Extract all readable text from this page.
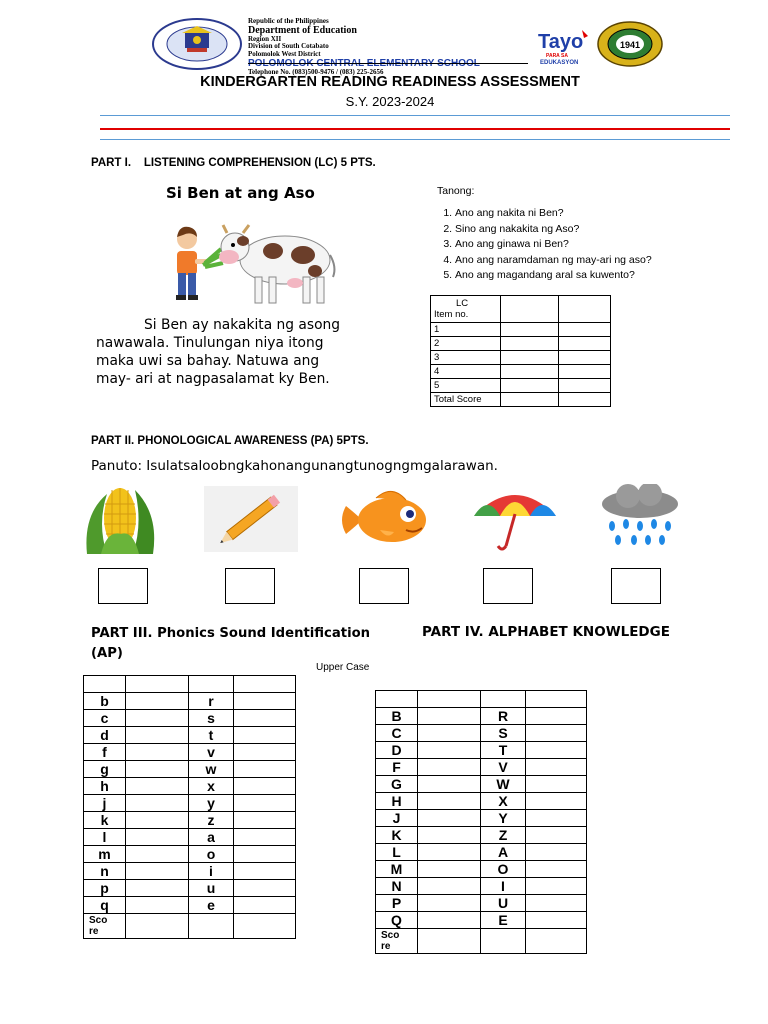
Republic of the Philippines
Department of Education
Region XII
Division of South Cotabato
Polomolok West District
POLOMOLOK CENTRAL ELEMENTARY SCHOOL
Telephone No. (083)500-9476 / (083) 225-2656
Tayo
PARA SA
EDUKASYON
1941
KINDERGARTEN READING READINESS ASSESSMENT
S.Y. 2023-2024
PART I.    LISTENING COMPREHENSION (LC) 5 PTS.
Si Ben at ang Aso
Si Ben ay nakakita ng asong
nawawala. Tinulungan niya itong
maka uwi sa bahay. Natuwa ang
may- ari at nagpasalamat ky Ben.
Tanong:
1. Ano ang nakita ni Ben?
2. Sino ang nakakita ng Aso?
3. Ano ang ginawa ni Ben?
4. Ano ang naramdaman ng may-ari ng aso?
5. Ano ang magandang aral sa kuwento?
LC
Item no.		

1		
2		
3		
4		
5		
Total Score		
PART II. PHONOLOGICAL AWARENESS (PA) 5PTS.
Panuto: Isulatsaloobngkahonangunangtunogngmgalarawan.
PART III. Phonics Sound Identification
(AP)
PART IV. ALPHABET KNOWLEDGE
Upper Case

b		r	
c		s	
d		t	
f		v	
g		w	
h		x	
j		y	
k		z	
l		a	
m		o	
n		i	
p		u	
q		e	

Sco
re			

B		R	
C		S	
D		T	
F		V	
G		W	
H		X	
J		Y	
K		Z	
L		A	
M		O	
N		I	
P		U	
Q		E	

Sco
re			
